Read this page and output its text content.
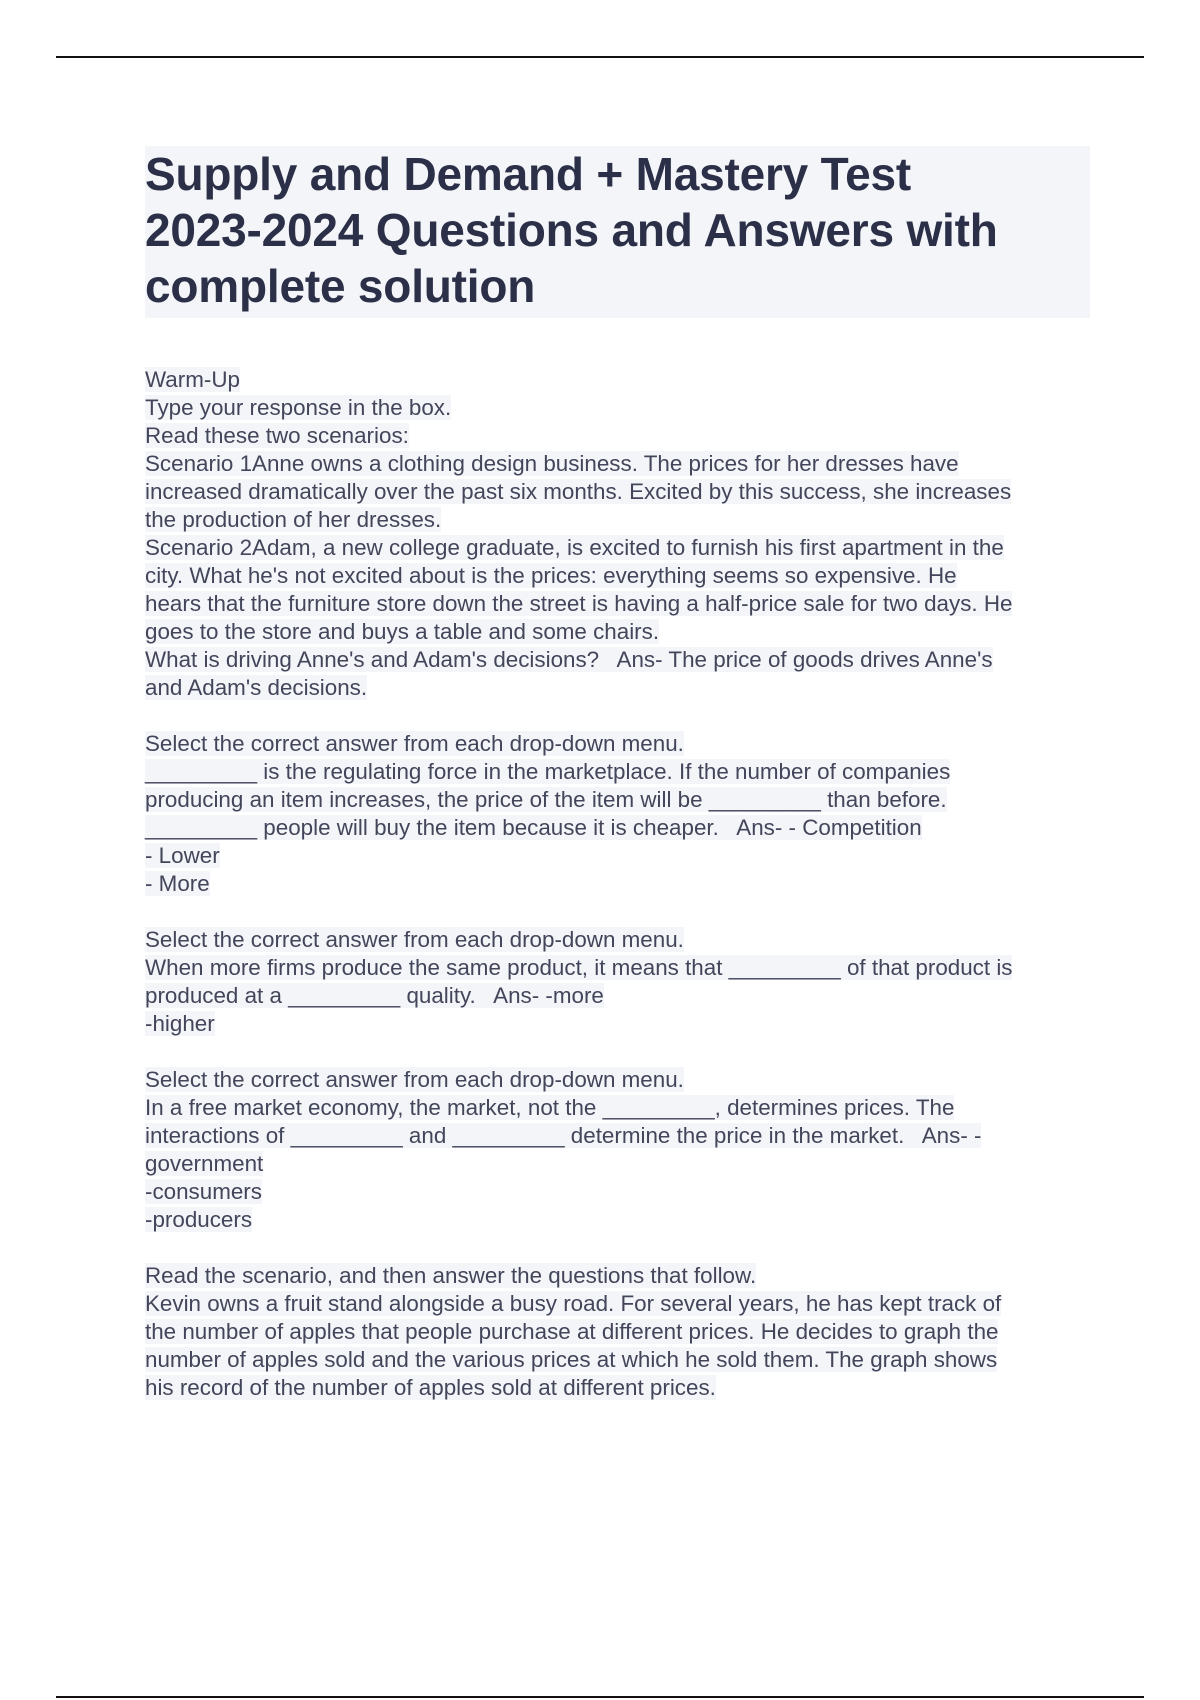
Supply and Demand + Mastery Test
2023-2024 Questions and Answers with
complete solution
Warm-Up
Type your response in the box.
Read these two scenarios:
Scenario 1Anne owns a clothing design business. The prices for her dresses have
increased dramatically over the past six months. Excited by this success, she increases
the production of her dresses.
Scenario 2Adam, a new college graduate, is excited to furnish his first apartment in the
city. What he's not excited about is the prices: everything seems so expensive. He
hears that the furniture store down the street is having a half-price sale for two days. He
goes to the store and buys a table and some chairs.
What is driving Anne's and Adam's decisions?   Ans- The price of goods drives Anne's
and Adam's decisions.
Select the correct answer from each drop-down menu.
_________ is the regulating force in the marketplace. If the number of companies
producing an item increases, the price of the item will be _________ than before.
_________ people will buy the item because it is cheaper.   Ans- - Competition
- Lower
- More
Select the correct answer from each drop-down menu.
When more firms produce the same product, it means that _________ of that product is
produced at a _________ quality.   Ans- -more
-higher
Select the correct answer from each drop-down menu.
In a free market economy, the market, not the _________, determines prices. The
interactions of _________ and _________ determine the price in the market.   Ans- -
government
-consumers
-producers
Read the scenario, and then answer the questions that follow.
Kevin owns a fruit stand alongside a busy road. For several years, he has kept track of
the number of apples that people purchase at different prices. He decides to graph the
number of apples sold and the various prices at which he sold them. The graph shows
his record of the number of apples sold at different prices.
